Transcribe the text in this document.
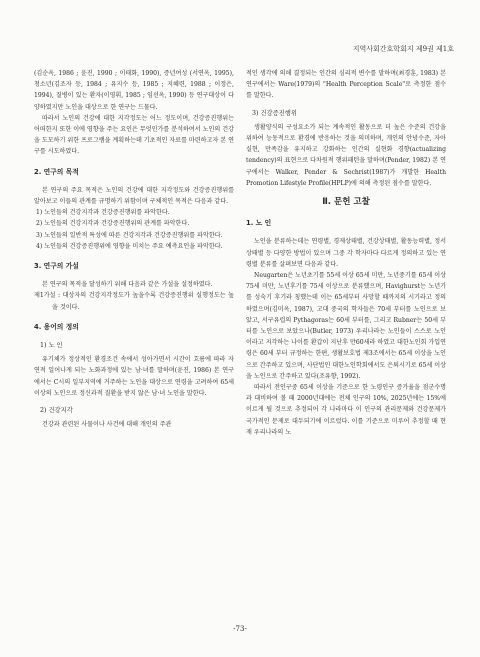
지역사회간호학회지 제9권 제1호

(김순옥, 1986 ; 윤진, 1990 ; 이태화, 1990), 증년여성 (서연옥, 1995), 청소년(김조자 등, 1984 ; 유지수 등, 1985 ; 지혜련, 1988 ; 이정은, 1994), 질병이 있는 환자(이영휘, 1985 ; 임선옥, 1990) 등 연구대상이 다양하였지만 노인을 대상으로 한 연구는 드물다.

따라서 노인의 건강에 대한 지각정도는 어느 정도이며, 건강증진행위는 어떠한지 또한 이에 영향을 주는 요인은 무엇인가를 분석하여서 노인의 건강을 도모하기 위한 프로그램을 계획하는데 기초적인 자료를 마련하고자 본 연구를 시도하였다.

2. 연구의 목적

본 연구의 주요 목적은 노인의 건강에 대한 지각정도와 건강증진행위를 알아보고 이들의 관계를 규명하기 위함이며 구체적인 목적은 다음과 같다.

1) 노인들의 건강지각과 건강증진행위를 파악한다.

2) 노인들의 건강지각과 건강증진행위의 관계를 파악한다.

3) 노인들의 일반적 특성에 따른 건강지각과 건강증진행위를 파악한다.

4) 노인들의 건강증진행위에 영향을 미치는 주요 예측요인을 파악한다.

3. 연구의 가설

본 연구의 목적을 달성하기 위해 다음과 같은 가설을 설정하였다.

제1가설 : 대상자의 건강지각정도가 높을수록 건강증진행위 실행정도는 높을 것이다.

4. 용어의 정의
1) 노 인

유기체가 정상적인 환경조건 속에서 성아가면서 시간이 흐름에 따라 자연적 일어나게 되는 노화과정에 있는 남·녀를 말하며(윤진, 1986) 본 연구에서는 C시의 일부지역에 거주하는 노인을 대상으로 연령을 고려하여 65세 이상의 노인으로 정신과적 질환을 받지 않은 남·녀 노인을 말한다.

2) 건강지각

건강과 관련된 사물이나 사건에 대해 개인의 주관

적인 생각에 의해 결정되는 인간의 심리적 변수를 말하며(최경훈, 1983) 본 연구에서는 Ware(1979)의 "Health Perception Scale"로 측정한 점수를 말한다.

3) 건강증진행위

생활양식의 구성요소가 되는 계속적인 활동으로 더 높은 수준의 건강을 위하여 능동적으로 환경에 반응하는 것을 의미하며, 개인의 안녕수준, 자아실현, 만족감을 유지하고 강화하는 인간의 실현화 경향(actualizing tendency)의 표현으로 다차원적 행위패턴을 말하며(Pender, 1982) 본 연구에서는 Walker, Pender & Sechrist(1987)가 개발한 Health Promotion Lifestyle Profile(HPLP)에 의해 측정된 점수를 말한다.

Ⅱ. 문헌 고찰
1. 노 인

노인을 분류하는데는 연령별, 경제상태별, 건강상태별, 활동능력별, 정서상태별 등 다양한 방법이 있으며 그중 각 학자마다 다르게 정의하고 있는 연령별 분류를 살펴보면 다음과 같다.

Neugarten은 노년초기를 55세 이상 65세 미만, 노년중기를 65세 이상 75세 미만, 노년후기를 75세 이상으로 분류했으며, Havighurst는 노년기를 성숙기 후기라 칭했는데 이는 65세부터 사망할 때까지의 시기라고 정의하였으며(김미옥, 1987), 고대 중국의 학자들은 70세 부터를 노인으로 보았고, 서구유럽의 Pythagoras는 60세 부터를, 그리고 Rubner는 50세 부터를 노인으로 보았으나(Butler, 1973) 우리나라는 노인들이 스스로 노인이라고 지각하는 나이를 환갑이 지난후 만60세라 하였고 대한노인회 가입연령은 60세 부터 규정하는 한편, 생활보호법 제3조에서는 65세 이상을 노인으로 간주하고 있으며, 사단법인 대한노인학회에서도 은퇴시기로 65세 이상을 노인으로 간주하고 있다(조유향, 1992).

따라서 전인구중 65세 이상을 기준으로 한 노령인구 증가율을 점군수명과 대비하여 볼 때 2000년대에는 전체 인구의 10%, 2025년에는 15%에 이르게 될 것으로 추정되어 각 나라마다 이 인구의 관리문제와 건강문제가 국가적인 문제로 대두되기에 이르렀다. 이를 기준으로 미루어 추정할 때 현재 우리나라의 노

-73-
